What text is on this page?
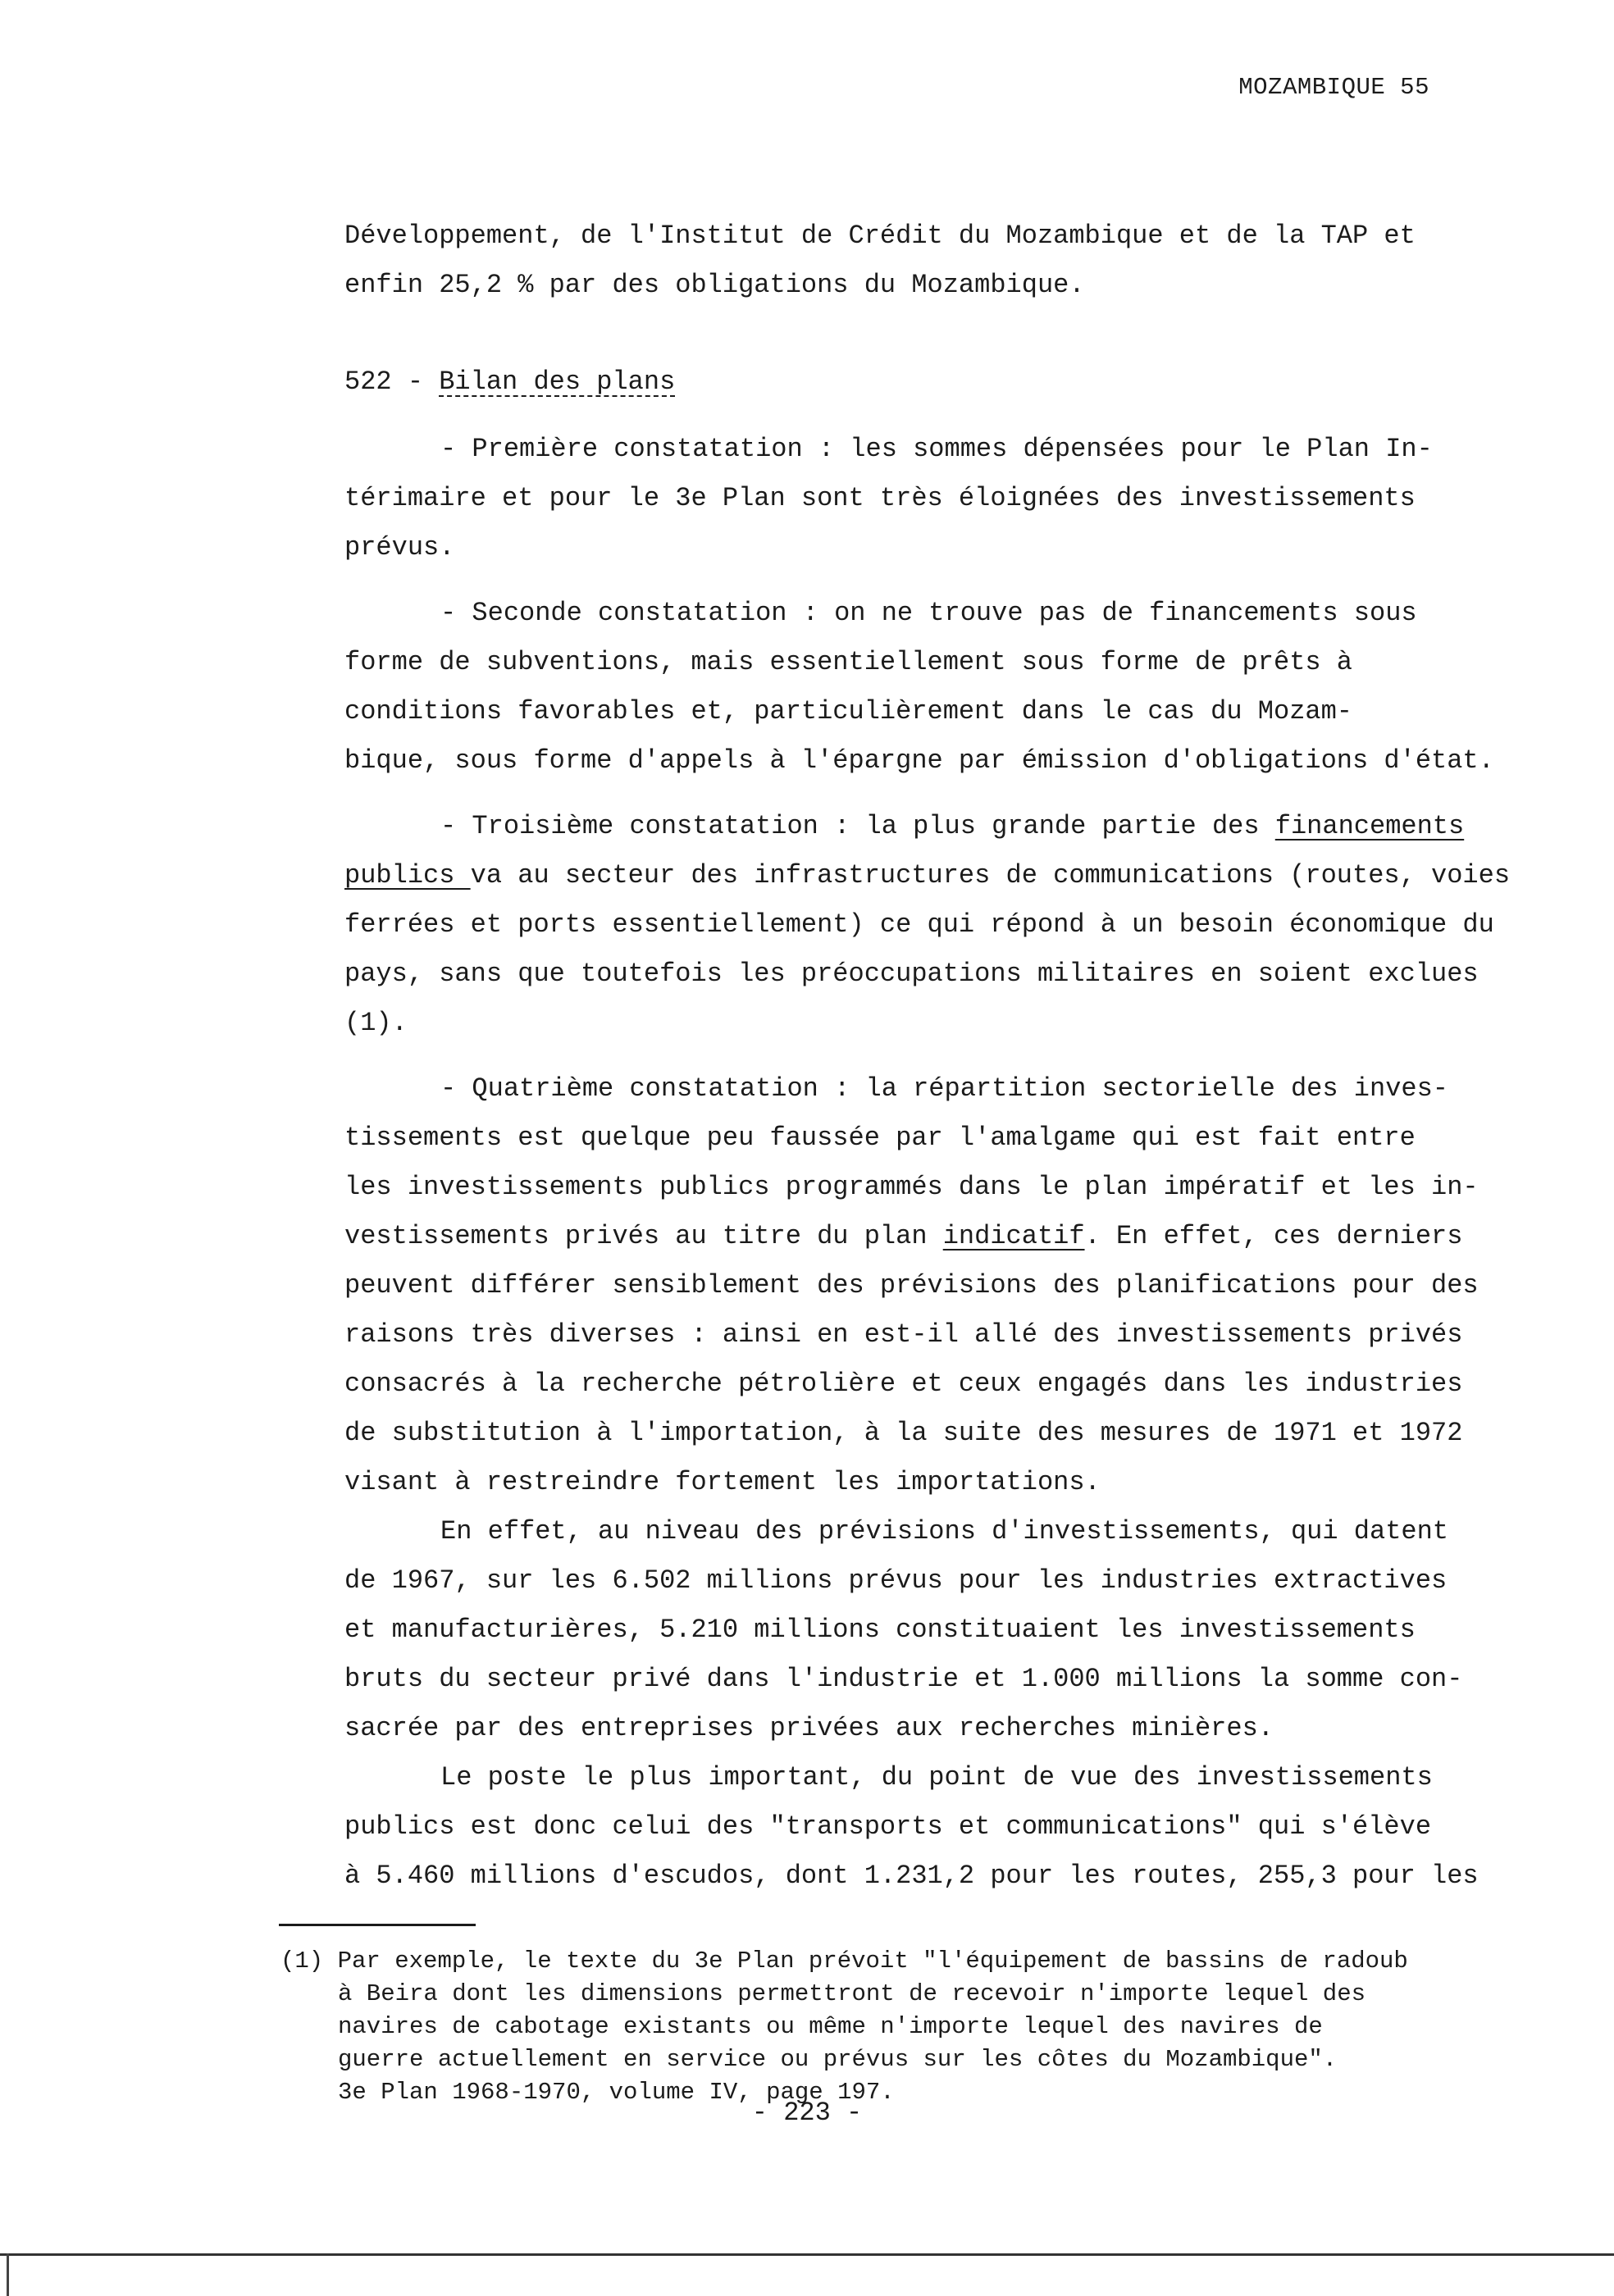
MOZAMBIQUE 55
Développement, de l'Institut de Crédit du Mozambique et de la TAP et
enfin 25,2 % par des obligations du Mozambique.
522 - Bilan des plans
- Première constatation : les sommes dépensées pour le Plan In-
térimaire et pour le 3e Plan sont très éloignées des investissements
prévus.
- Seconde constatation : on ne trouve pas de financements sous
forme de subventions, mais essentiellement sous forme de prêts à
conditions favorables et, particulièrement dans le cas du Mozam-
bique, sous forme d'appels à l'épargne par émission d'obligations d'état.
- Troisième constatation : la plus grande partie des financements
publics va au secteur des infrastructures de communications (routes, voies
ferrées et ports essentiellement) ce qui répond à un besoin économique du
pays, sans que toutefois les préoccupations militaires en soient exclues
(1).
- Quatrième constatation : la répartition sectorielle des inves-
tissements est quelque peu faussée par l'amalgame qui est fait entre
les investissements publics programmés dans le plan impératif et les in-
vestissements privés au titre du plan indicatif. En effet, ces derniers
peuvent différer sensiblement des prévisions des planifications pour des
raisons très diverses : ainsi en est-il allé des investissements privés
consacrés à la recherche pétrolière et ceux engagés dans les industries
de substitution à l'importation, à la suite des mesures de 1971 et 1972
visant à restreindre fortement les importations.
En effet, au niveau des prévisions d'investissements, qui datent
de 1967, sur les 6.502 millions prévus pour les industries extractives
et manufacturières, 5.210 millions constituaient les investissements
bruts du secteur privé dans l'industrie et 1.000 millions la somme con-
sacrée par des entreprises privées aux recherches minières.
Le poste le plus important, du point de vue des investissements
publics est donc celui des "transports et communications" qui s'élève
à 5.460 millions d'escudos, dont 1.231,2 pour les routes, 255,3 pour les
(1) Par exemple, le texte du 3e Plan prévoit "l'équipement de bassins de radoub
à Beira dont les dimensions permettront de recevoir n'importe lequel des
navires de cabotage existants ou même n'importe lequel des navires de
guerre actuellement en service ou prévus sur les côtes du Mozambique".
3e Plan 1968-1970, volume IV, page 197.
- 223 -
